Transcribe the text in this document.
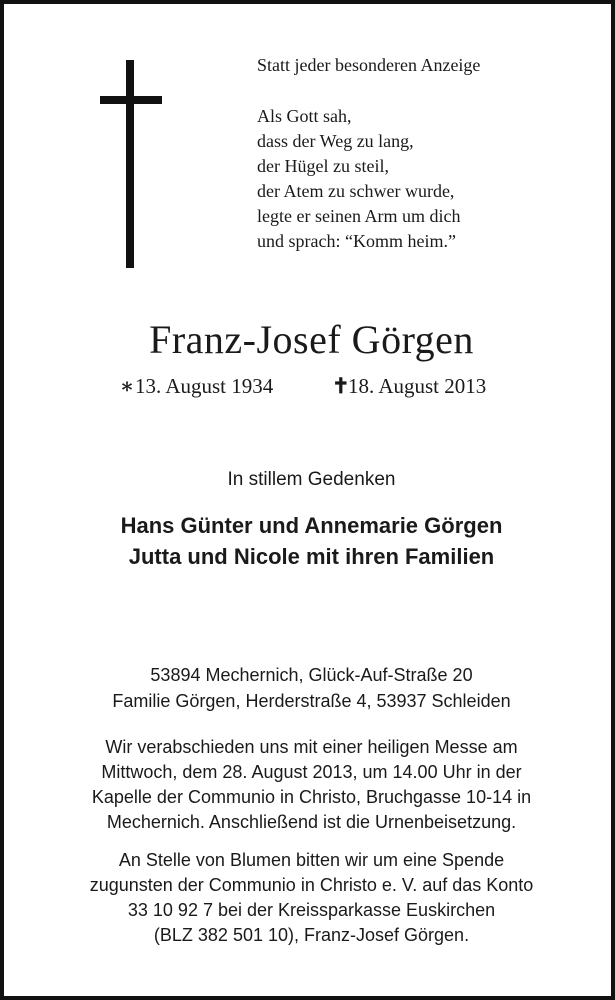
Statt jeder besonderen Anzeige
Als Gott sah,
dass der Weg zu lang,
der Hügel zu steil,
der Atem zu schwer wurde,
legte er seinen Arm um dich
und sprach: “Komm heim.”
Franz-Josef Görgen
∗13. August 1934	✝18. August 2013
In stillem Gedenken
Hans Günter und Annemarie Görgen
Jutta und Nicole mit ihren Familien
53894 Mechernich, Glück-Auf-Straße 20
Familie Görgen, Herderstraße 4, 53937 Schleiden
Wir verabschieden uns mit einer heiligen Messe am
Mittwoch, dem 28. August 2013, um 14.00 Uhr in der
Kapelle der Communio in Christo, Bruchgasse 10-14 in
Mechernich. Anschließend ist die Urnenbeisetzung.
An Stelle von Blumen bitten wir um eine Spende
zugunsten der Communio in Christo e. V. auf das Konto
33 10 92 7 bei der Kreissparkasse Euskirchen
(BLZ 382 501 10), Franz-Josef Görgen.
